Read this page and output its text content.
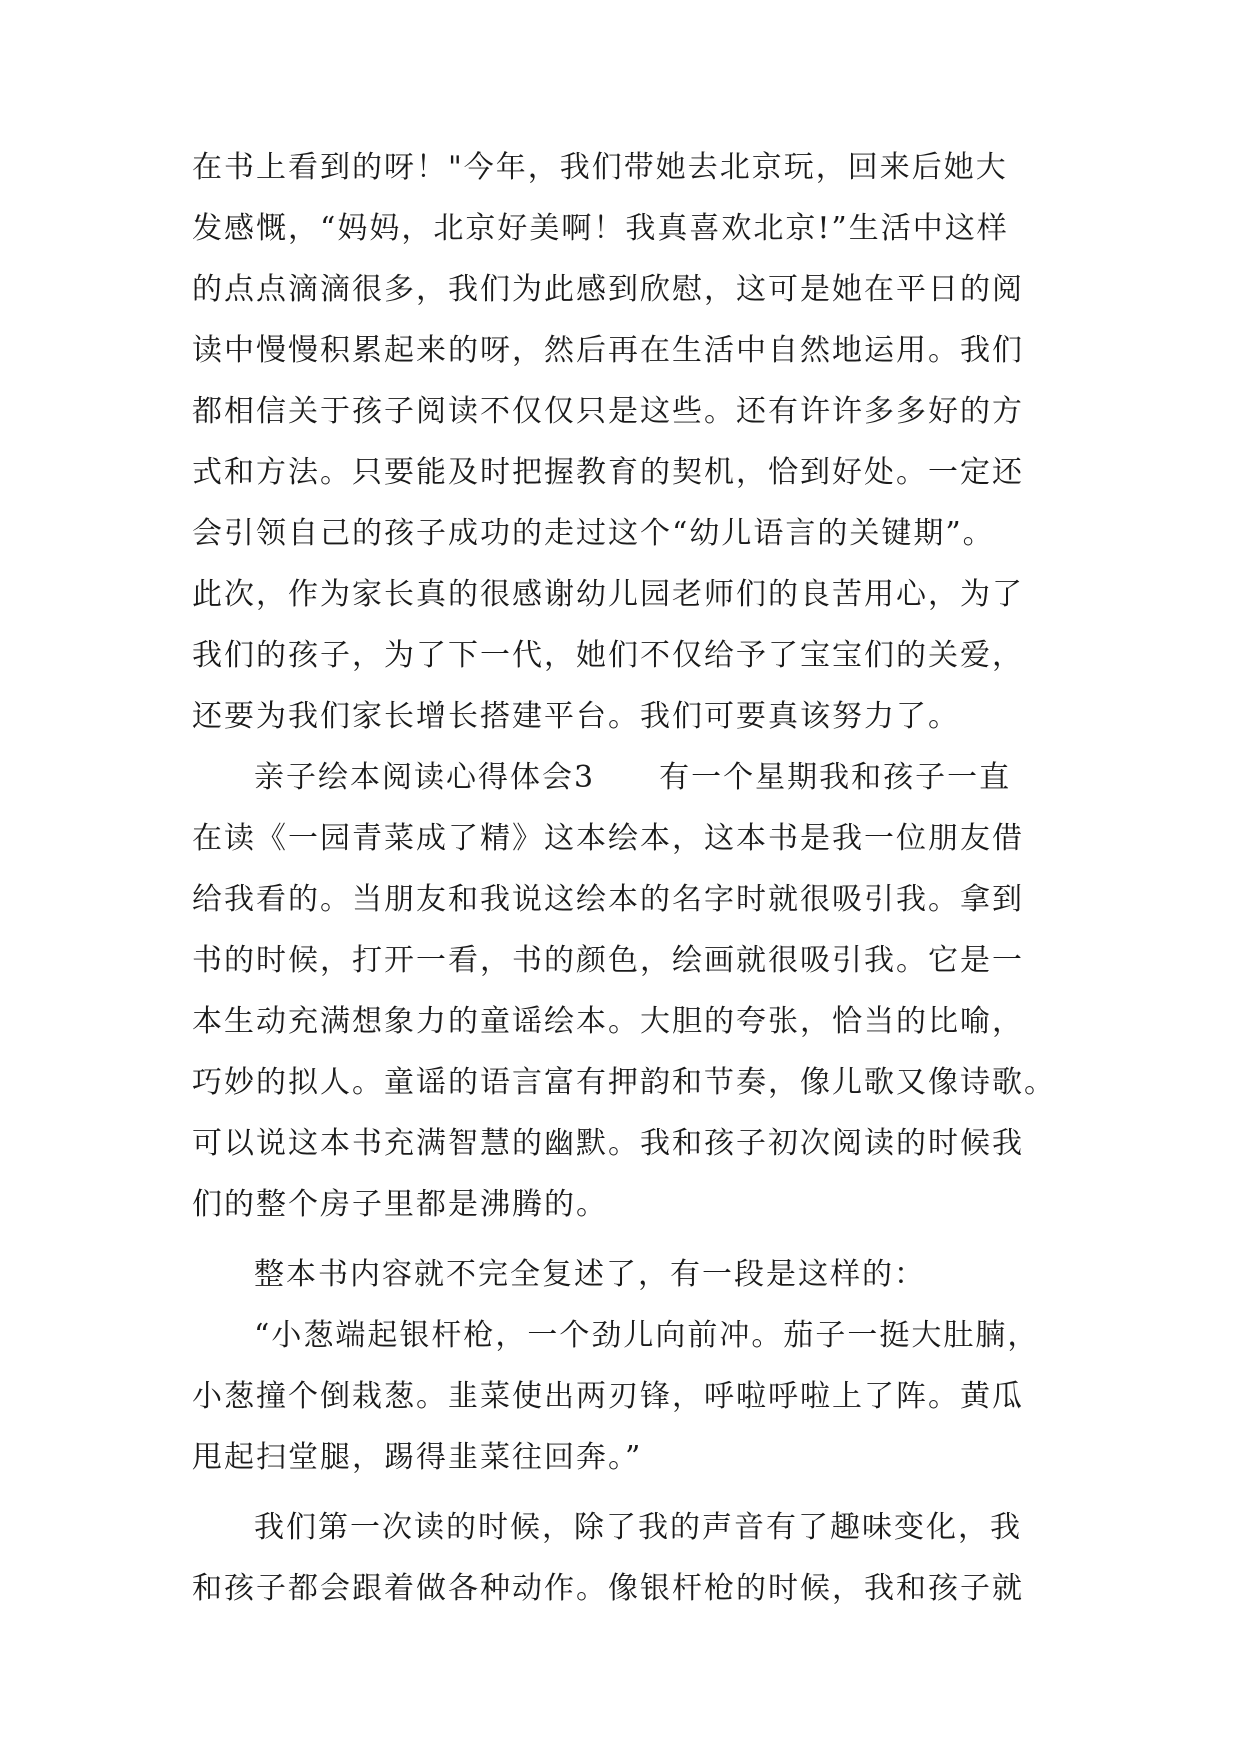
在书上看到的呀！"今年，我们带她去北京玩，回来后她大
发感慨，“妈妈，北京好美啊！我真喜欢北京!”生活中这样
的点点滴滴很多，我们为此感到欣慰，这可是她在平日的阅
读中慢慢积累起来的呀，然后再在生活中自然地运用。我们
都相信关于孩子阅读不仅仅只是这些。还有许许多多好的方
式和方法。只要能及时把握教育的契机，恰到好处。一定还
会引领自己的孩子成功的走过这个“幼儿语言的关键期”。
此次，作为家长真的很感谢幼儿园老师们的良苦用心，为了
我们的孩子，为了下一代，她们不仅给予了宝宝们的关爱，
还要为我们家长增长搭建平台。我们可要真该努力了。
亲子绘本阅读心得体会3　　有一个星期我和孩子一直
在读《一园青菜成了精》这本绘本，这本书是我一位朋友借
给我看的。当朋友和我说这绘本的名字时就很吸引我。拿到
书的时候，打开一看，书的颜色，绘画就很吸引我。它是一
本生动充满想象力的童谣绘本。大胆的夸张，恰当的比喻，
巧妙的拟人。童谣的语言富有押韵和节奏，像儿歌又像诗歌。
可以说这本书充满智慧的幽默。我和孩子初次阅读的时候我
们的整个房子里都是沸腾的。
整本书内容就不完全复述了，有一段是这样的：
“小葱端起银杆枪，一个劲儿向前冲。茄子一挺大肚腩，
小葱撞个倒栽葱。韭菜使出两刃锋，呼啦呼啦上了阵。黄瓜
甩起扫堂腿，踢得韭菜往回奔。”
我们第一次读的时候，除了我的声音有了趣味变化，我
和孩子都会跟着做各种动作。像银杆枪的时候，我和孩子就
